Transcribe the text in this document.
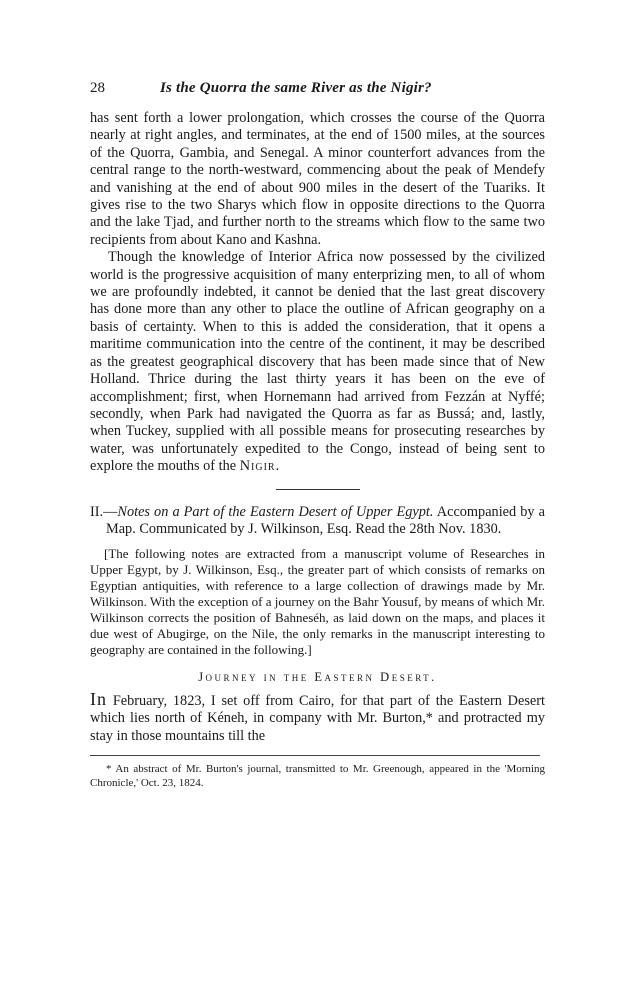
28	Is the Quorra the same River as the Nigir?

has sent forth a lower prolongation, which crosses the course of the Quorra nearly at right angles, and terminates, at the end of 1500 miles, at the sources of the Quorra, Gambia, and Senegal. A minor counterfort advances from the central range to the north-westward, commencing about the peak of Mendefy and vanishing at the end of about 900 miles in the desert of the Tuariks. It gives rise to the two Sharys which flow in opposite directions to the Quorra and the lake Tjad, and further north to the streams which flow to the same two recipients from about Kano and Kashna.

Though the knowledge of Interior Africa now possessed by the civilized world is the progressive acquisition of many enterprizing men, to all of whom we are profoundly indebted, it cannot be denied that the last great discovery has done more than any other to place the outline of African geography on a basis of certainty. When to this is added the consideration, that it opens a maritime communication into the centre of the continent, it may be described as the greatest geographical discovery that has been made since that of New Holland. Thrice during the last thirty years it has been on the eve of accomplishment; first, when Hornemann had arrived from Fezzán at Nyffé; secondly, when Park had navigated the Quorra as far as Bussá; and, lastly, when Tuckey, supplied with all possible means for prosecuting researches by water, was unfortunately expedited to the Congo, instead of being sent to explore the mouths of the Nigir.

II.—Notes on a Part of the Eastern Desert of Upper Egypt. Accompanied by a Map. Communicated by J. Wilkinson, Esq. Read the 28th Nov. 1830.

[The following notes are extracted from a manuscript volume of Researches in Upper Egypt, by J. Wilkinson, Esq., the greater part of which consists of remarks on Egyptian antiquities, with reference to a large collection of drawings made by Mr. Wilkinson. With the exception of a journey on the Bahr Yousuf, by means of which Mr. Wilkinson corrects the position of Bahneséh, as laid down on the maps, and places it due west of Abugirge, on the Nile, the only remarks in the manuscript interesting to geography are contained in the following.]

Journey in the Eastern Desert.

In February, 1823, I set off from Cairo, for that part of the Eastern Desert which lies north of Kéneh, in company with Mr. Burton,* and protracted my stay in those mountains till the

* An abstract of Mr. Burton's journal, transmitted to Mr. Greenough, appeared in the 'Morning Chronicle,' Oct. 23, 1824.
